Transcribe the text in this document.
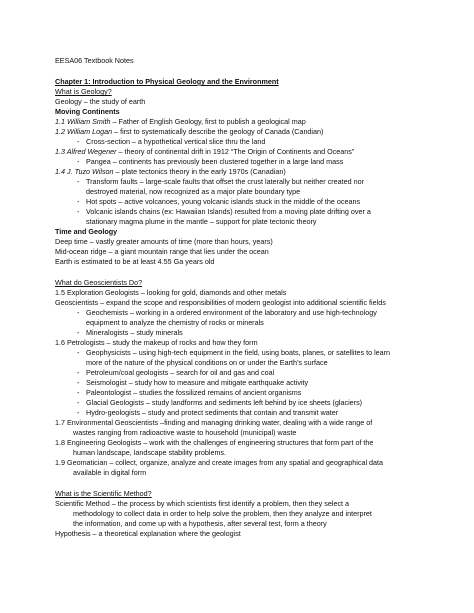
EESA06 Textbook Notes
Chapter 1: Introduction to Physical Geology and the Environment
What is Geology?
Geology – the study of earth
Moving Continents
1.1 William Smith – Father of English Geology, first to publish a geological map
1.2 William Logan – first to systematically describe the geology of Canada (Candian)
- Cross-section – a hypothetical vertical slice thru the land
1.3 Alfred Wegener – theory of continental drift in 1912 “The Origin of Continents and Oceans”
- Pangea – continents has previously been clustered together in a large land mass
1.4 J. Tuzo Wilson – plate tectonics theory in the early 1970s (Canadian)
- Transform faults – large-scale faults that offset the crust laterally but neither created nor
destroyed material, now recognized as a major plate boundary type
- Hot spots – active volcanoes, young volcanic islands stuck in the middle of the oceans
- Volcanic islands chains (ex: Hawaiian Islands) resulted from a moving plate drifting over a
stationary magma plume in the mantle – support for plate tectonic theory
Time and Geology
Deep time – vastly greater amounts of time (more than hours, years)
Mid-ocean ridge – a giant mountain range that lies under the ocean
Earth is estimated to be at least 4.55 Ga years old
What do Geoscientists Do?
1.5 Exploration Geologists – looking for gold, diamonds and other metals
Geoscientists – expand the scope and responsibilities of modern geologist into additional scientific fields
- Geochemists – working in a ordered environment of the laboratory and use high-technology
equipment to analyze the chemistry of rocks or minerals
- Mineralogists – study minerals
1.6 Petrologists – study the makeup of rocks and how they form
- Geophysicists – using high-tech equipment in the field, using boats, planes, or satellites to learn
more of the nature of the physical conditions on or under the Earth’s surface
- Petroleum/coal geologists – search for oil and gas and coal
- Seismologist – study how to measure and mitigate earthquake activity
- Paleontologist – studies the fossilized remains of ancient organisms
- Glacial Geologists – study landforms and sediments left behind by ice sheets (glaciers)
- Hydro-geologists – study and protect sediments that contain and transmit water
1.7 Environmental Geoscientists –finding and managing drinking water, dealing with a wide range of
wastes ranging from radioactive waste to household (municipal) waste
1.8 Engineering Geologists – work with the challenges of engineering structures that form part of the
human landscape, landscape stability problems.
1.9 Geomatician – collect, organize, analyze and create images from any spatial and geographical data
available in digital form
What is the Scientific Method?
Scientific Method – the process by which scientists first identify a problem, then they select a
methodology to collect data in order to help solve the problem, then they analyze and interpret
the information, and come up with a hypothesis, after several test, form a theory
Hypothesis – a theoretical explanation where the geologist
